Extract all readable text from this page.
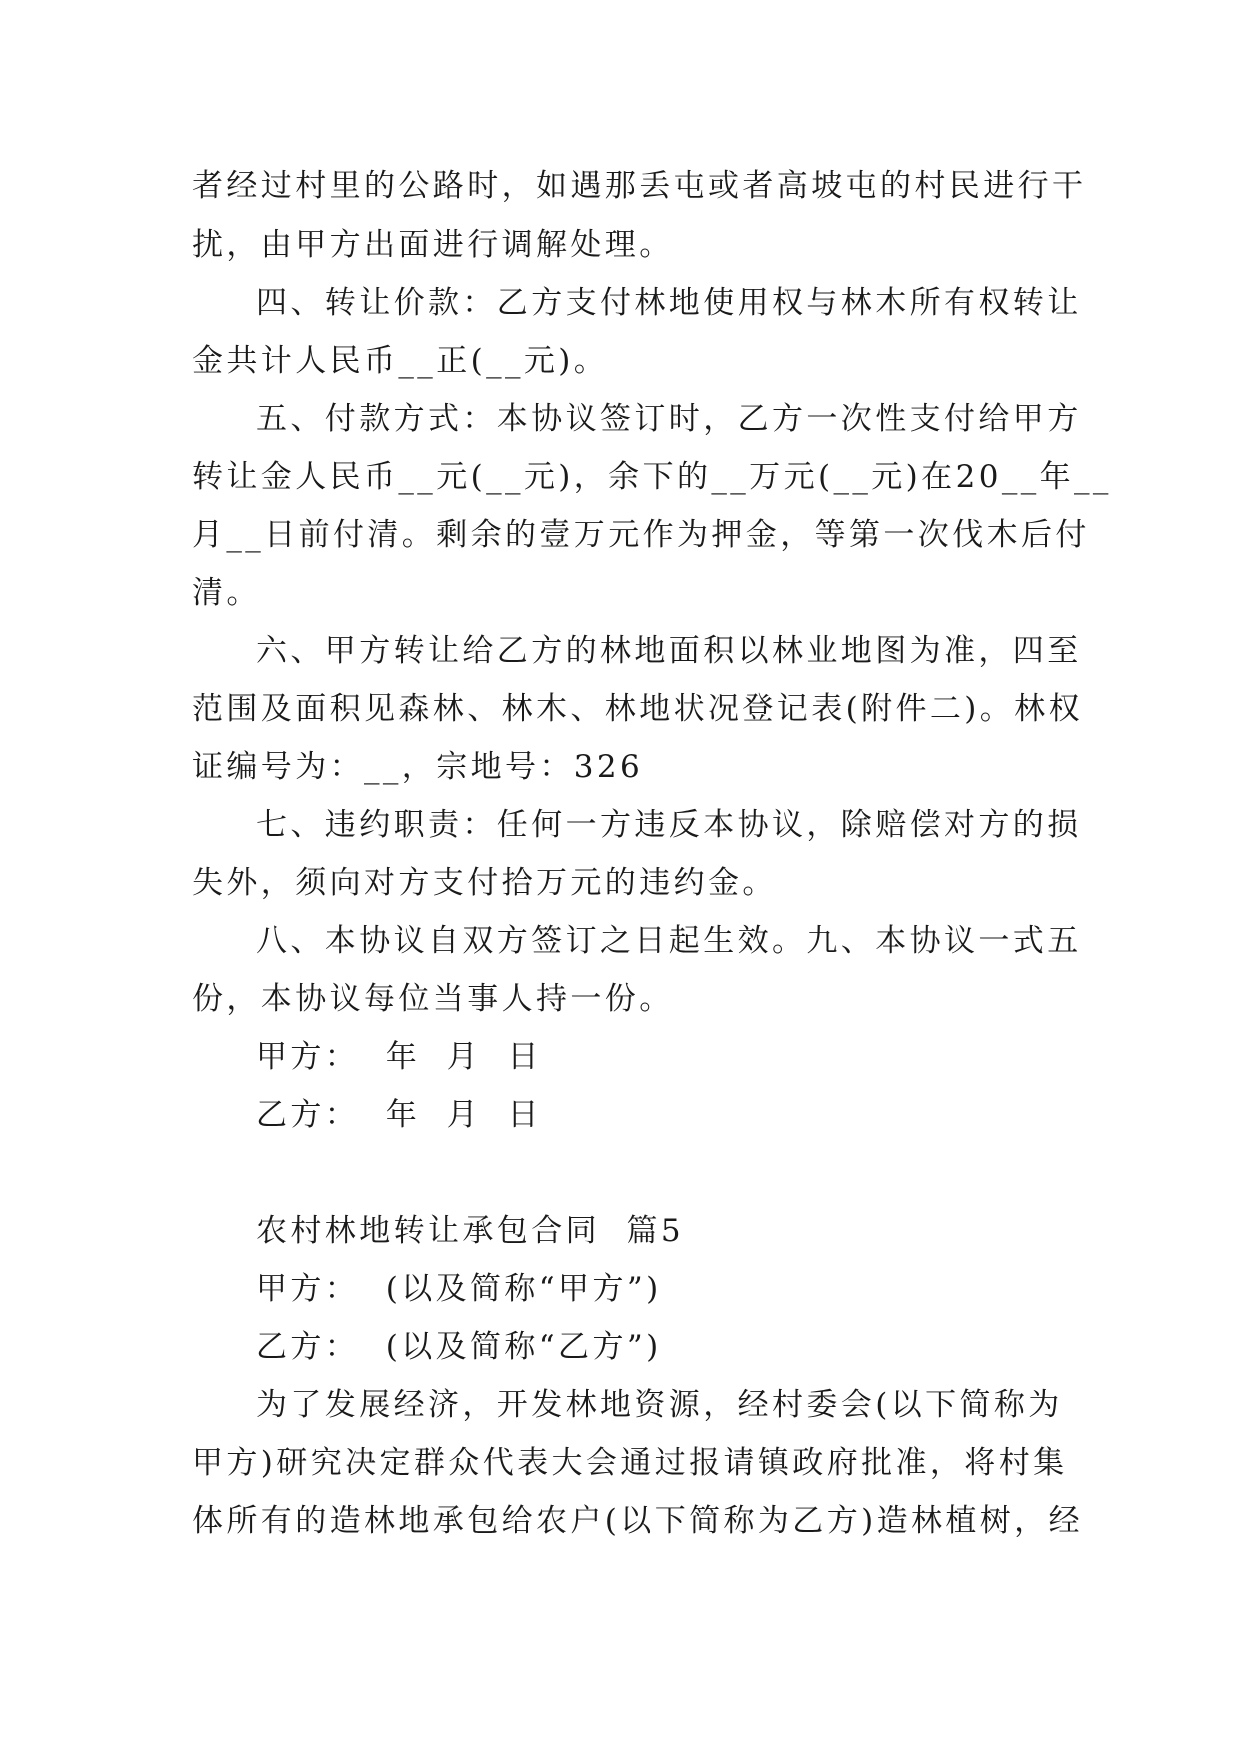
者经过村里的公路时，如遇那丢屯或者高坡屯的村民进行干
扰，由甲方出面进行调解处理。
四、转让价款：乙方支付林地使用权与林木所有权转让
金共计人民币__正(__元)。
五、付款方式：本协议签订时，乙方一次性支付给甲方
转让金人民币__元(__元)，余下的__万元(__元)在20__年__
月__日前付清。剩余的壹万元作为押金，等第一次伐木后付
清。
六、甲方转让给乙方的林地面积以林业地图为准，四至
范围及面积见森林、林木、林地状况登记表(附件二)。林权
证编号为：__，宗地号：326
七、违约职责：任何一方违反本协议，除赔偿对方的损
失外，须向对方支付拾万元的违约金。
八、本协议自双方签订之日起生效。九、本协议一式五
份，本协议每位当事人持一份。
甲方：  年  月  日
乙方：  年  月  日
农村林地转让承包合同  篇5
甲方：  (以及简称“甲方”)
乙方：  (以及简称“乙方”)
为了发展经济，开发林地资源，经村委会(以下简称为
甲方)研究决定群众代表大会通过报请镇政府批准，将村集
体所有的造林地承包给农户(以下简称为乙方)造林植树，经
